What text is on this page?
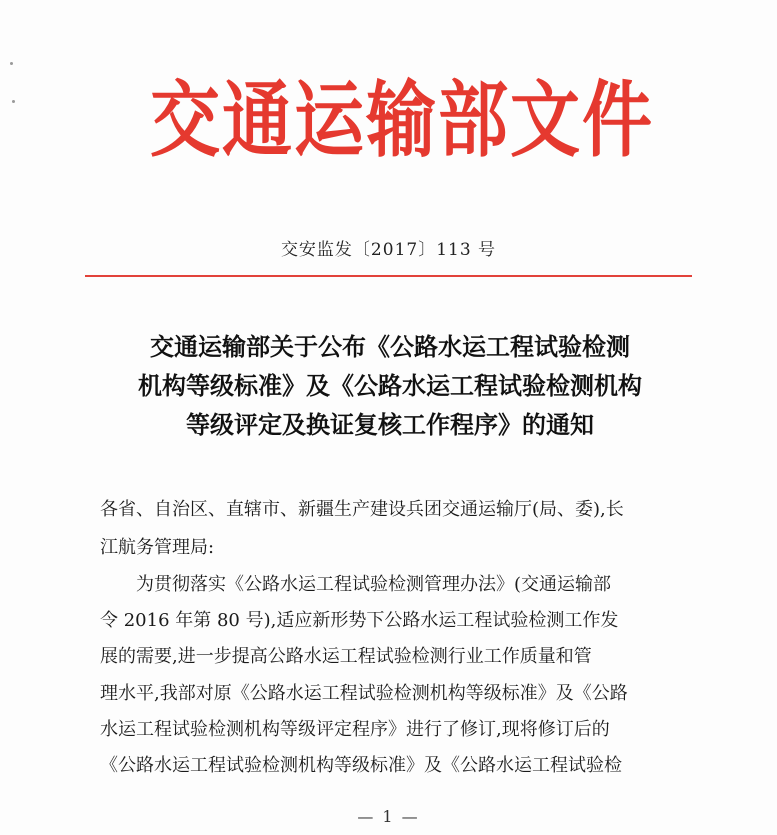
交通运输部文件
交安监发〔2017〕113 号
交通运输部关于公布《公路水运工程试验检测
机构等级标准》及《公路水运工程试验检测机构
等级评定及换证复核工作程序》的通知
各省、自治区、直辖市、新疆生产建设兵团交通运输厅(局、委),长
江航务管理局:
为贯彻落实《公路水运工程试验检测管理办法》(交通运输部
令 2016 年第 80 号),适应新形势下公路水运工程试验检测工作发
展的需要,进一步提高公路水运工程试验检测行业工作质量和管
理水平,我部对原《公路水运工程试验检测机构等级标准》及《公路
水运工程试验检测机构等级评定程序》进行了修订,现将修订后的
《公路水运工程试验检测机构等级标准》及《公路水运工程试验检
— 1 —
